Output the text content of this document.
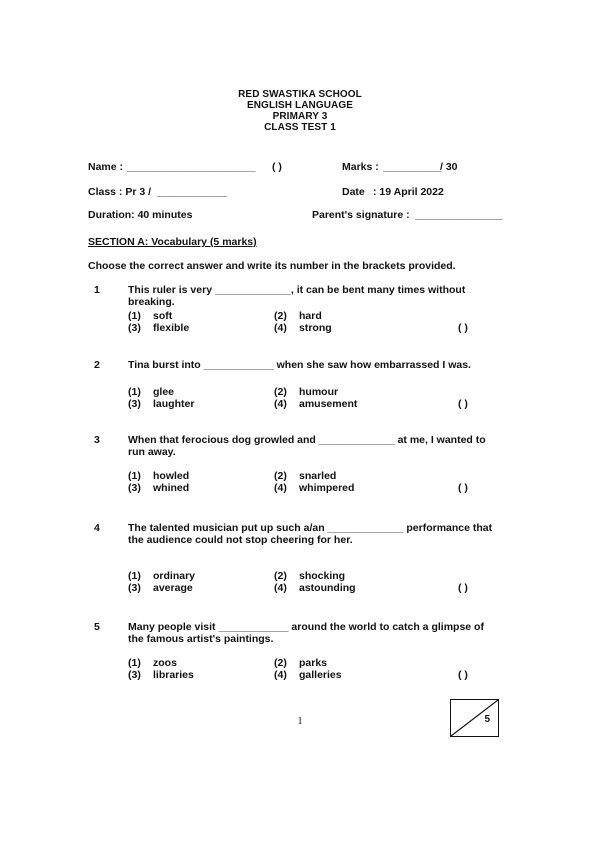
RED SWASTIKA SCHOOL
ENGLISH LANGUAGE
PRIMARY 3
CLASS TEST 1
Name : ______________________ ( )	Marks : __________
/ 30
Class : Pr 3 / ____________	Date : 19 April 2022
Duration: 40 minutes	Parent's signature : _______________
SECTION A: Vocabulary (5 marks)
Choose the correct answer and write its number in the brackets provided.
1	This ruler is very _____________, it can be bent many times without breaking.
(1) soft	(2) hard
(3) flexible	(4) strong	( )
2	Tina burst into ____________ when she saw how embarrassed I was.
(1) glee	(2) humour
(3) laughter	(4) amusement	( )
3	When that ferocious dog growled and _____________ at me, I wanted to run away.
(1) howled	(2) snarled
(3) whined	(4) whimpered	( )
4	The talented musician put up such a/an _____________ performance that the audience could not stop cheering for her.
(1) ordinary	(2) shocking
(3) average	(4) astounding	( )
5	Many people visit ____________ around the world to catch a glimpse of the famous artist's paintings.
(1) zoos	(2) parks
(3) libraries	(4) galleries	( )
1	5
